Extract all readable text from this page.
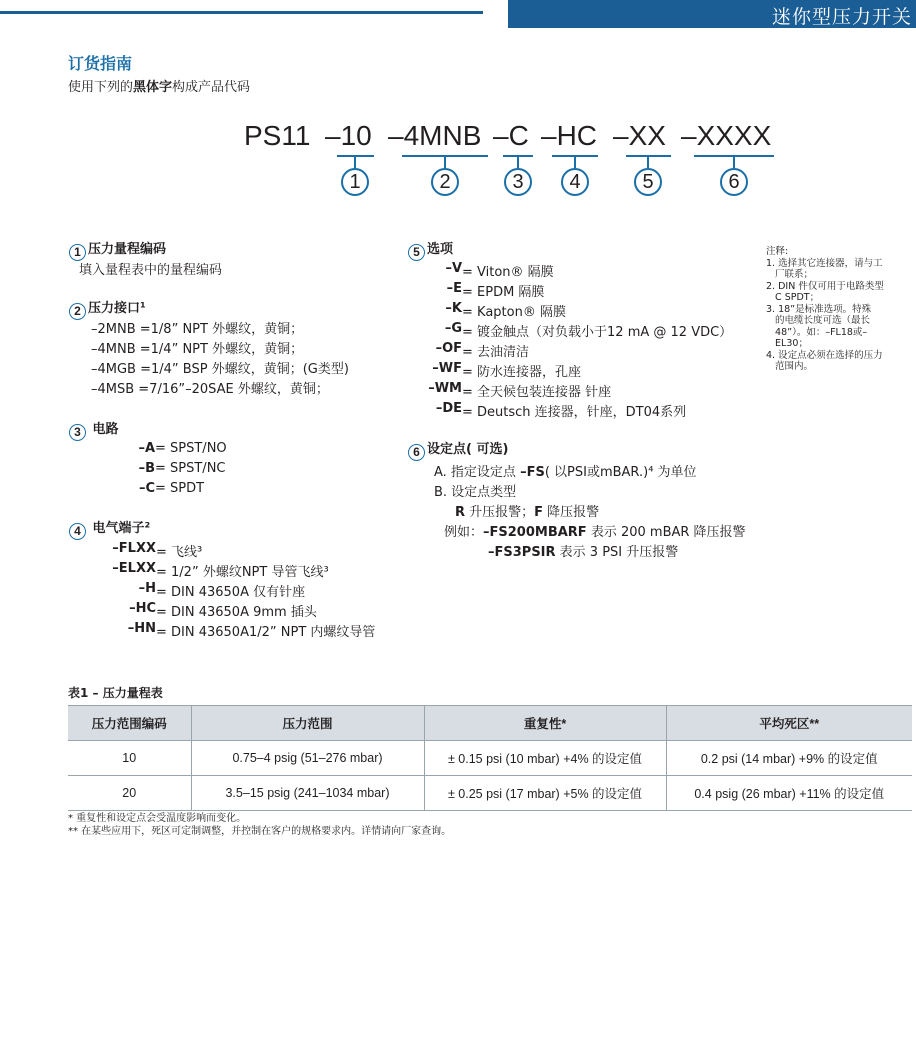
迷你型压力开关
订货指南
使用下列的黑体字构成产品代码
PS11 –10 –4MNB –C –HC –XX –XXXX
1	2	3	4	5	6
1 压力量程编码
填入量程表中的量程编码
2 压力接口¹
–2MNB =1/8” NPT 外螺纹，黄铜；
–4MNB =1/4” NPT 外螺纹，黄铜；
–4MGB =1/4” BSP 外螺纹，黄铜；(G类型)
–4MSB =7/16”–20SAE 外螺纹，黄铜；
3 电路
–A = SPST/NO
–B = SPST/NC
–C = SPDT
4 电气端子²
–FLXX = 飞线³
–ELXX = 1/2” 外螺纹NPT 导管飞线³
–H = DIN 43650A 仅有针座
–HC = DIN 43650A 9mm 插头
–HN = DIN 43650A1/2” NPT 内螺纹导管
5 选项
–V = Viton® 隔膜
–E = EPDM 隔膜
–K = Kapton® 隔膜
–G = 镀金触点（对负载小于12 mA @ 12 VDC）
–OF = 去油清洁
–WF = 防水连接器，孔座
–WM = 全天候包装连接器 针座
–DE = Deutsch 连接器，针座，DT04系列
6 设定点( 可选)
A. 指定设定点 –FS( 以PSI或mBAR.)⁴ 为单位
B. 设定点类型
R 升压报警；F 降压报警
例如：–FS200MBARF 表示 200 mBAR 降压报警
–FS3PSIR 表示 3 PSI 升压报警
注释:
1. 选择其它连接器，请与工
厂联系；
2. DIN 件仅可用于电路类型
C SPDT；
3. 18”是标准选项。特殊
的电缆长度可选（最长
48”）。如：–FL18或–
EL30；
4. 设定点必须在选择的压力
范围内。
表1 – 压力量程表
压力范围编码	压力范围	重复性*	平均死区**
10	0.75–4 psig (51–276 mbar)	± 0.15 psi (10 mbar) +4% 的设定值	0.2 psi (14 mbar) +9% 的设定值
20	3.5–15 psig (241–1034 mbar)	± 0.25 psi (17 mbar) +5% 的设定值	0.4 psig (26 mbar) +11% 的设定值
* 重复性和设定点会受温度影响而变化。
** 在某些应用下，死区可定制调整，并控制在客户的规格要求内。详情请向厂家查询。
